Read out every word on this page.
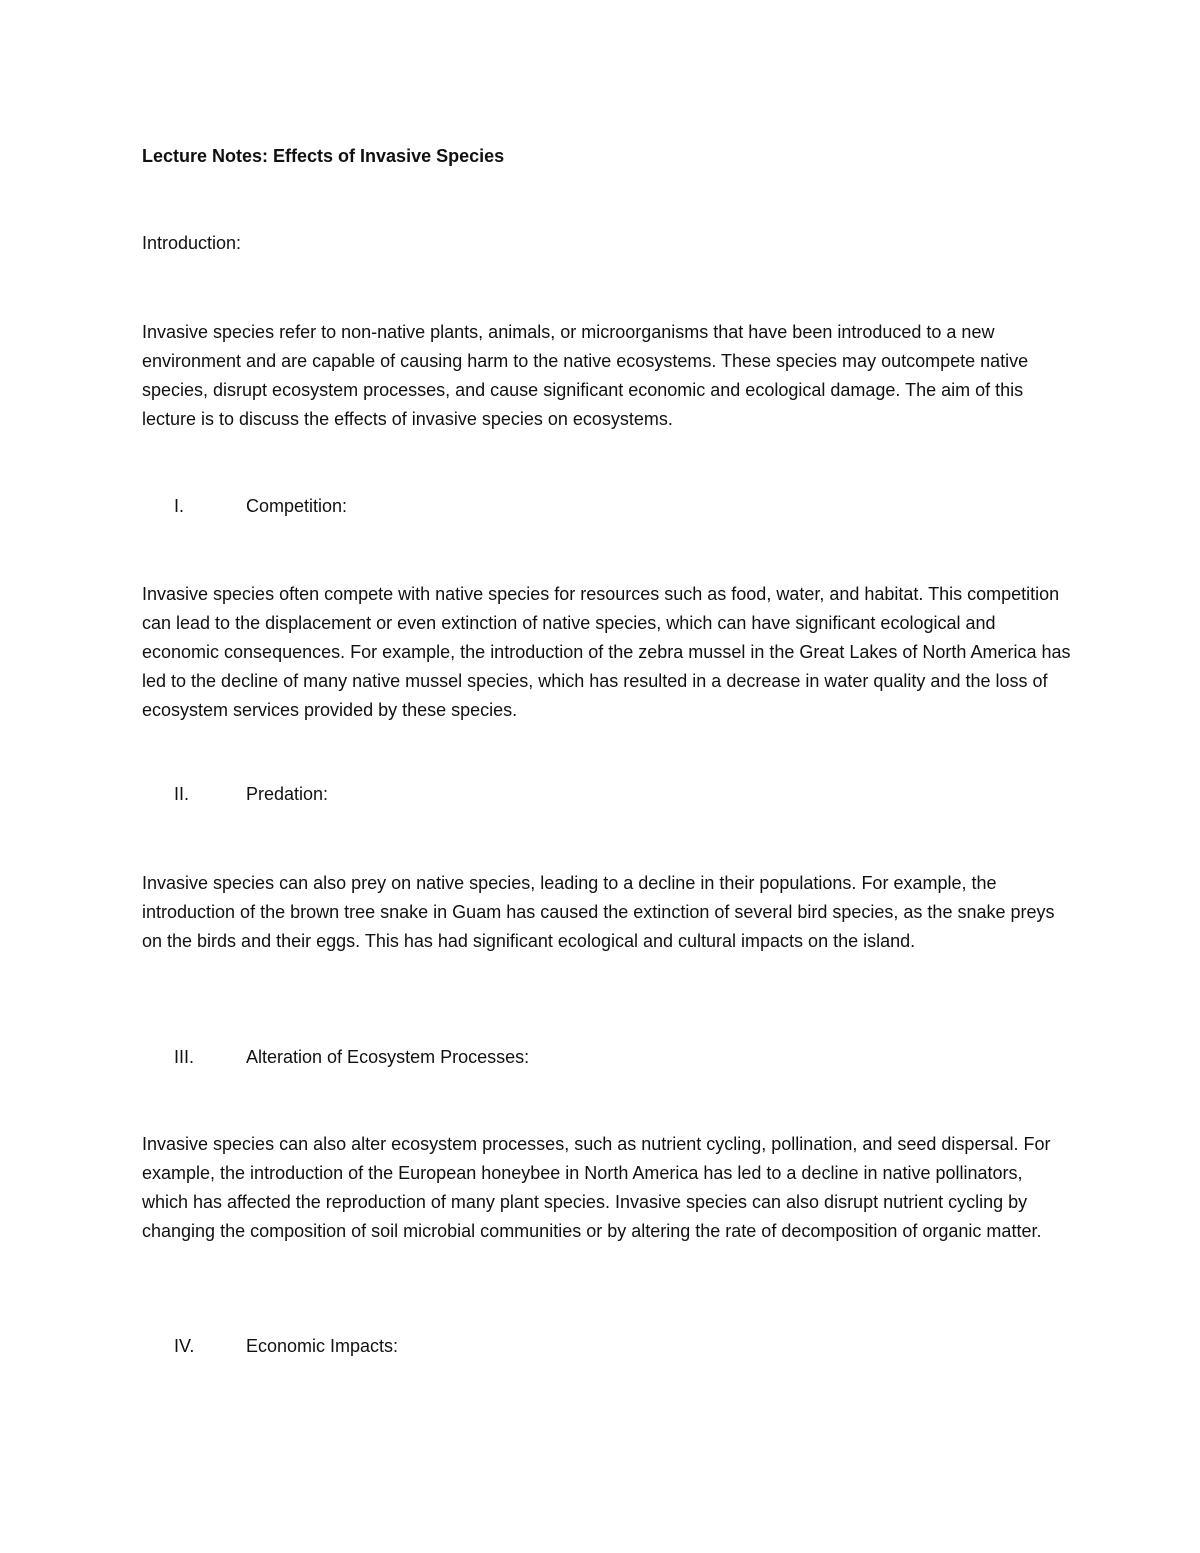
Lecture Notes: Effects of Invasive Species

Introduction:

Invasive species refer to non-native plants, animals, or microorganisms that have been introduced to a new environment and are capable of causing harm to the native ecosystems. These species may outcompete native species, disrupt ecosystem processes, and cause significant economic and ecological damage. The aim of this lecture is to discuss the effects of invasive species on ecosystems.

I.	Competition:

Invasive species often compete with native species for resources such as food, water, and habitat. This competition can lead to the displacement or even extinction of native species, which can have significant ecological and economic consequences. For example, the introduction of the zebra mussel in the Great Lakes of North America has led to the decline of many native mussel species, which has resulted in a decrease in water quality and the loss of ecosystem services provided by these species.

II.	Predation:

Invasive species can also prey on native species, leading to a decline in their populations. For example, the introduction of the brown tree snake in Guam has caused the extinction of several bird species, as the snake preys on the birds and their eggs. This has had significant ecological and cultural impacts on the island.

III.	Alteration of Ecosystem Processes:

Invasive species can also alter ecosystem processes, such as nutrient cycling, pollination, and seed dispersal. For example, the introduction of the European honeybee in North America has led to a decline in native pollinators, which has affected the reproduction of many plant species. Invasive species can also disrupt nutrient cycling by changing the composition of soil microbial communities or by altering the rate of decomposition of organic matter.

IV.	Economic Impacts:
